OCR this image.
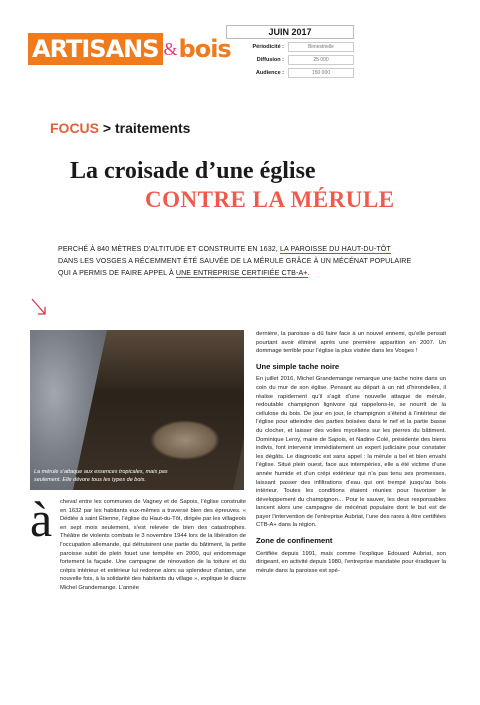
ARTISANS & bois
JUIN 2017
Périodicité :	Bimestrielle
Diffusion :	25 000
Audience :	150 000
FOCUS > traitements
La croisade d’une église
CONTRE LA MÉRULE
PERCHÉ À 840 MÈTRES D’ALTITUDE ET CONSTRUITE EN 1632, LA PAROISSE DU HAUT-DU-TÔT
DANS LES VOSGES A RÉCEMMENT ÉTÉ SAUVÉE DE LA MÉRULE GRÂCE À UN MÉCÉNAT POPULAIRE
QUI A PERMIS DE FAIRE APPEL À UNE ENTREPRISE CERTIFIÉE CTB-A+.
La mérule s’attaque aux essences tropicales, mais pas seulement. Elle dévore tous les types de bois.

à cheval entre les communes de Vagney et de Sapois, l’église construite en 1632 par les habitants eux-mêmes a traversé bien des épreuves. « Dédiée à saint Étienne, l’église du Haut-du-Tôt, dirigée par les villageois en sept mois seulement, s’est relevée de bien des catastrophes. Théâtre de violents combats le 3 novembre 1944 lors de la libération de l’occupation allemande, qui détruisirent une partie du bâtiment, la petite paroisse subit de plein fouet une tempête en 2000, qui endommage fortement la façade. Une campagne de rénovation de la toiture et du crépis intérieur et extérieur lui redonne alors sa splendeur d’antan, une nouvelle fois, à la solidarité des habitants du village », explique le diacre Michel Grandemange. L’année

dernière, la paroisse a dû faire face à un nouvel ennemi, qu’elle pensait pourtant avoir éliminé après une première apparition en 2007. Un dommage terrible pour l’église la plus visitée dans les Vosges !

Une simple tache noire

En juillet 2016, Michel Grandemange remarque une tache noire dans un coin du mur de son église. Pensant au départ à un nid d’hirondelles, il réalise rapidement qu’il s’agit d’une nouvelle attaque de mérule, redoutable champignon lignivore qui rappelons-le, se nourrit de la cellulose du bois. De jour en jour, le champignon s’étend à l’intérieur de l’église pour atteindre des parties boisées dans le nef et la partie basse du clocher, et laisser des voiles mycéliens sur les pierres du bâtiment. Dominique Leroy, maire de Sapois, et Nadine Colé, présidente des biens indivis, font intervenir immédiatement un expert judiciaire pour constater les dégâts. Le diagnostic est sans appel : la mérule a bel et bien envahi l’église. Situé plein ouest, face aux intempéries, elle a été victime d’une année humide et d’un crépi extérieur qui n’a pas tenu ses promesses, laissant passer des infiltrations d’eau qui ont trempé jusqu’au bois intérieur. Toutes les conditions étaient réunies pour favoriser le développement du champignon… Pour le sauver, les deux responsables lancent alors une campagne de mécénat populaire dont le but est de payer l’intervention de l’entreprise Aubriat, l’une des rares à être certifiées CTB-A+ dans la région.

Zone de confinement

Certifiée depuis 1991, mais comme l’explique Edouard Aubriat, son dirigeant, en activité depuis 1980, l’entreprise mandatée pour éradiquer la mérule dans la paroisse est spé-
